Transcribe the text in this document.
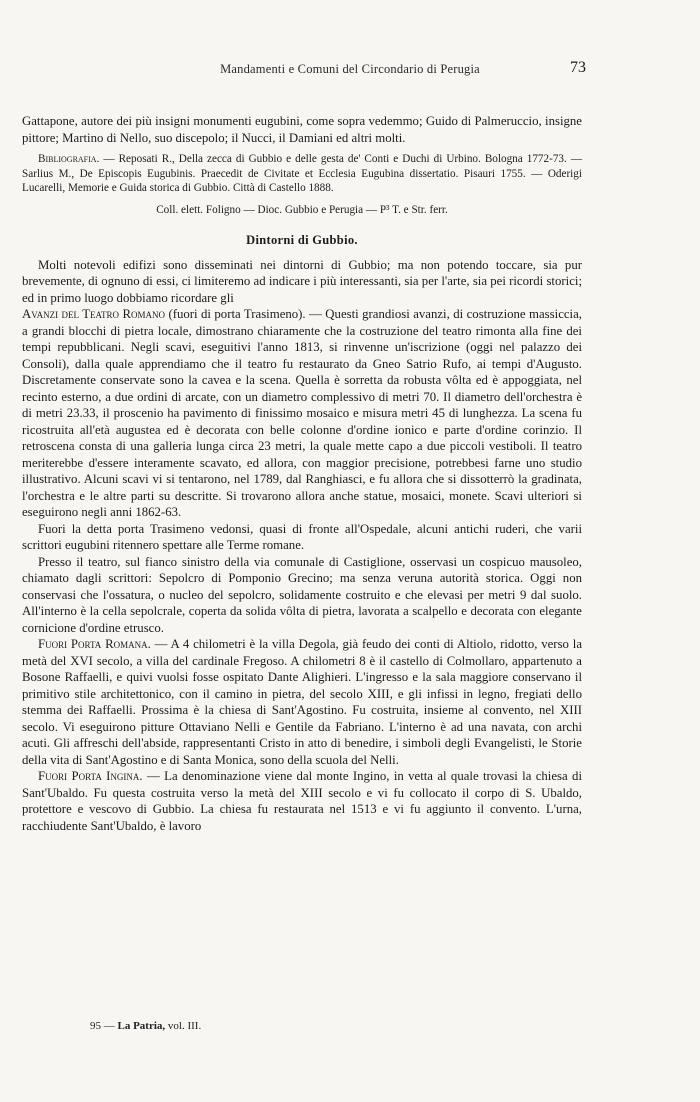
Mandamenti e Comuni del Circondario di Perugia	73

Gattapone, autore dei più insigni monumenti eugubini, come sopra vedemmo; Guido di Palmeruccio, insigne pittore; Martino di Nello, suo discepolo; il Nucci, il Damiani ed altri molti.

Bibliografia. — Reposati R., Della zecca di Gubbio e delle gesta de' Conti e Duchi di Urbino. Bologna 1772-73. — Sarlius M., De Episcopis Eugubinis. Praecedit de Civitate et Ecclesia Eugubina dissertatio. Pisauri 1755. — Oderigi Lucarelli, Memorie e Guida storica di Gubbio. Città di Castello 1888.

Coll. elett. Foligno — Dioc. Gubbio e Perugia — P³ T. e Str. ferr.

Dintorni di Gubbio.

Molti notevoli edifizi sono disseminati nei dintorni di Gubbio; ma non potendo toccare, sia pur brevemente, di ognuno di essi, ci limiteremo ad indicare i più interessanti, sia per l'arte, sia pei ricordi storici; ed in primo luogo dobbiamo ricordare gli

Avanzi del Teatro Romano (fuori di porta Trasimeno). — Questi grandiosi avanzi, di costruzione massiccia, a grandi blocchi di pietra locale, dimostrano chiaramente che la costruzione del teatro rimonta alla fine dei tempi repubblicani. Negli scavi, eseguitivi l'anno 1813, si rinvenne un'iscrizione (oggi nel palazzo dei Consoli), dalla quale apprendiamo che il teatro fu restaurato da Gneo Satrio Rufo, ai tempi d'Augusto. Discretamente conservate sono la cavea e la scena. Quella è sorretta da robusta vôlta ed è appoggiata, nel recinto esterno, a due ordini di arcate, con un diametro complessivo di metri 70. Il diametro dell'orchestra è di metri 23.33, il proscenio ha pavimento di finissimo mosaico e misura metri 45 di lunghezza. La scena fu ricostruita all'età augustea ed è decorata con belle colonne d'ordine ionico e parte d'ordine corinzio. Il retroscena consta di una galleria lunga circa 23 metri, la quale mette capo a due piccoli vestiboli. Il teatro meriterebbe d'essere interamente scavato, ed allora, con maggior precisione, potrebbesi farne uno studio illustrativo. Alcuni scavi vi si tentarono, nel 1789, dal Ranghiasci, e fu allora che si dissotterrò la gradinata, l'orchestra e le altre parti su descritte. Si trovarono allora anche statue, mosaici, monete. Scavi ulteriori si eseguirono negli anni 1862-63.

Fuori la detta porta Trasimeno vedonsi, quasi di fronte all'Ospedale, alcuni antichi ruderi, che varii scrittori eugubini ritennero spettare alle Terme romane.

Presso il teatro, sul fianco sinistro della via comunale di Castiglione, osservasi un cospicuo mausoleo, chiamato dagli scrittori: Sepolcro di Pomponio Grecino; ma senza veruna autorità storica. Oggi non conservasi che l'ossatura, o nucleo del sepolcro, solidamente costruito e che elevasi per metri 9 dal suolo. All'interno è la cella sepolcrale, coperta da solida vôlta di pietra, lavorata a scalpello e decorata con elegante cornicione d'ordine etrusco.

Fuori Porta Romana. — A 4 chilometri è la villa Degola, già feudo dei conti di Altiolo, ridotto, verso la metà del XVI secolo, a villa del cardinale Fregoso. A chilometri 8 è il castello di Colmollaro, appartenuto a Bosone Raffaelli, e quivi vuolsi fosse ospitato Dante Alighieri. L'ingresso e la sala maggiore conservano il primitivo stile architettonico, con il camino in pietra, del secolo XIII, e gli infissi in legno, fregiati dello stemma dei Raffaelli. Prossima è la chiesa di Sant'Agostino. Fu costruita, insieme al convento, nel XIII secolo. Vi eseguirono pitture Ottaviano Nelli e Gentile da Fabriano. L'interno è ad una navata, con archi acuti. Gli affreschi dell'abside, rappresentanti Cristo in atto di benedire, i simboli degli Evangelisti, le Storie della vita di Sant'Agostino e di Santa Monica, sono della scuola del Nelli.

Fuori Porta Ingina. — La denominazione viene dal monte Ingino, in vetta al quale trovasi la chiesa di Sant'Ubaldo. Fu questa costruita verso la metà del XIII secolo e vi fu collocato il corpo di S. Ubaldo, protettore e vescovo di Gubbio. La chiesa fu restaurata nel 1513 e vi fu aggiunto il convento. L'urna, racchiudente Sant'Ubaldo, è lavoro

95 — La Patria, vol. III.
